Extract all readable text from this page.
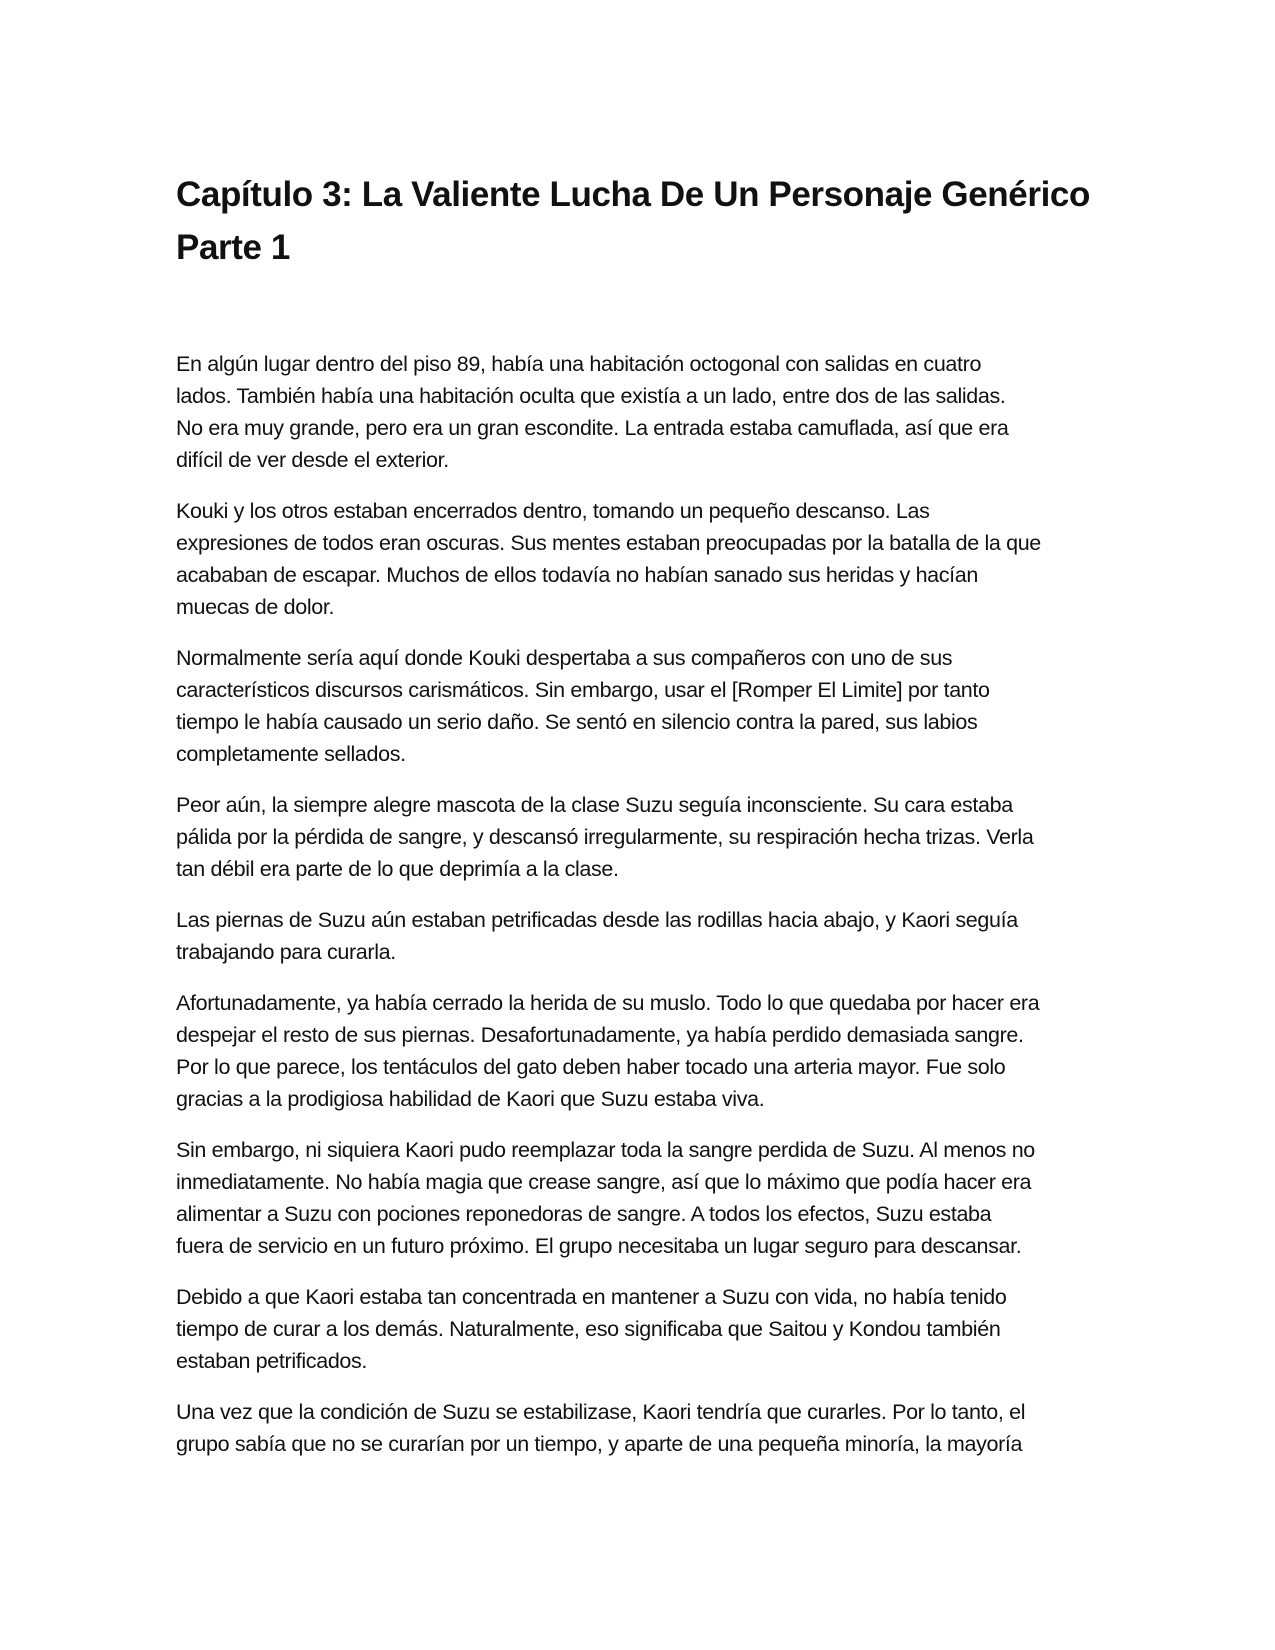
Capítulo 3: La Valiente Lucha De Un Personaje Genérico
Parte 1

En algún lugar dentro del piso 89, había una habitación octogonal con salidas en cuatro
lados. También había una habitación oculta que existía a un lado, entre dos de las salidas.
No era muy grande, pero era un gran escondite. La entrada estaba camuflada, así que era
difícil de ver desde el exterior.

Kouki y los otros estaban encerrados dentro, tomando un pequeño descanso. Las
expresiones de todos eran oscuras. Sus mentes estaban preocupadas por la batalla de la que
acababan de escapar. Muchos de ellos todavía no habían sanado sus heridas y hacían
muecas de dolor.

Normalmente sería aquí donde Kouki despertaba a sus compañeros con uno de sus
característicos discursos carismáticos. Sin embargo, usar el [Romper El Limite] por tanto
tiempo le había causado un serio daño. Se sentó en silencio contra la pared, sus labios
completamente sellados.

Peor aún, la siempre alegre mascota de la clase Suzu seguía inconsciente. Su cara estaba
pálida por la pérdida de sangre, y descansó irregularmente, su respiración hecha trizas. Verla
tan débil era parte de lo que deprimía a la clase.

Las piernas de Suzu aún estaban petrificadas desde las rodillas hacia abajo, y Kaori seguía
trabajando para curarla.

Afortunadamente, ya había cerrado la herida de su muslo. Todo lo que quedaba por hacer era
despejar el resto de sus piernas. Desafortunadamente, ya había perdido demasiada sangre.
Por lo que parece, los tentáculos del gato deben haber tocado una arteria mayor. Fue solo
gracias a la prodigiosa habilidad de Kaori que Suzu estaba viva.

Sin embargo, ni siquiera Kaori pudo reemplazar toda la sangre perdida de Suzu. Al menos no
inmediatamente. No había magia que crease sangre, así que lo máximo que podía hacer era
alimentar a Suzu con pociones reponedoras de sangre. A todos los efectos, Suzu estaba
fuera de servicio en un futuro próximo. El grupo necesitaba un lugar seguro para descansar.

Debido a que Kaori estaba tan concentrada en mantener a Suzu con vida, no había tenido
tiempo de curar a los demás. Naturalmente, eso significaba que Saitou y Kondou también
estaban petrificados.

Una vez que la condición de Suzu se estabilizase, Kaori tendría que curarles. Por lo tanto, el
grupo sabía que no se curarían por un tiempo, y aparte de una pequeña minoría, la mayoría
